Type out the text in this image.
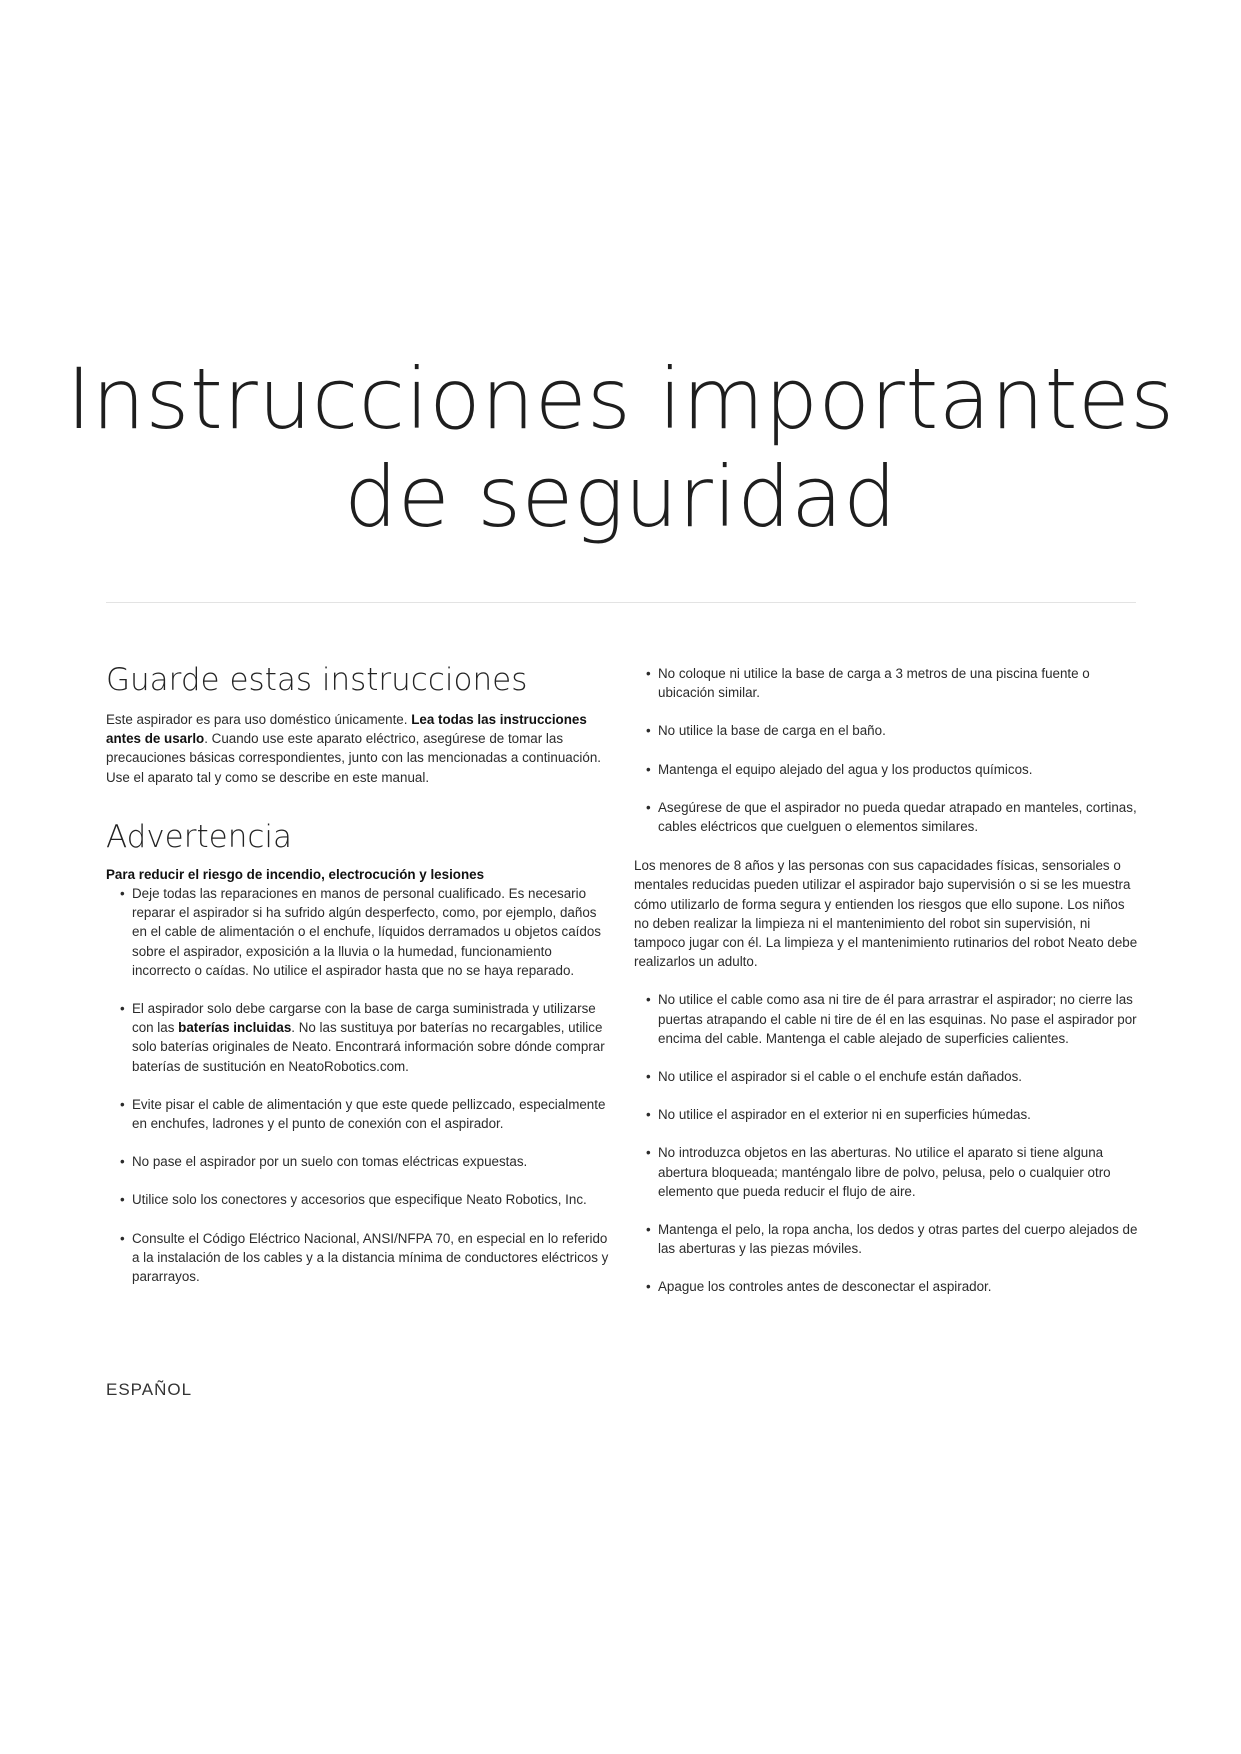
Instrucciones importantes
de seguridad
Guarde estas instrucciones

Este aspirador es para uso doméstico únicamente. Lea todas las instrucciones antes de usarlo. Cuando use este aparato eléctrico, asegúrese de tomar las precauciones básicas correspondientes, junto con las mencionadas a continuación. Use el aparato tal y como se describe en este manual.

Advertencia

Para reducir el riesgo de incendio, electrocución y lesiones

• Deje todas las reparaciones en manos de personal cualificado. Es necesario reparar el aspirador si ha sufrido algún desperfecto, como, por ejemplo, daños en el cable de alimentación o el enchufe, líquidos derramados u objetos caídos sobre el aspirador, exposición a la lluvia o la humedad, funcionamiento incorrecto o caídas. No utilice el aspirador hasta que no se haya reparado.
• El aspirador solo debe cargarse con la base de carga suministrada y utilizarse con las baterías incluidas. No las sustituya por baterías no recargables, utilice solo baterías originales de Neato. Encontrará información sobre dónde comprar baterías de sustitución en NeatoRobotics.com.
• Evite pisar el cable de alimentación y que este quede pellizcado, especialmente en enchufes, ladrones y el punto de conexión con el aspirador.
• No pase el aspirador por un suelo con tomas eléctricas expuestas.
• Utilice solo los conectores y accesorios que especifique Neato Robotics, Inc.
• Consulte el Código Eléctrico Nacional, ANSI/NFPA 70, en especial en lo referido a la instalación de los cables y a la distancia mínima de conductores eléctricos y pararrayos.
• No coloque ni utilice la base de carga a 3 metros de una piscina fuente o ubicación similar.
• No utilice la base de carga en el baño.
• Mantenga el equipo alejado del agua y los productos químicos.
• Asegúrese de que el aspirador no pueda quedar atrapado en manteles, cortinas, cables eléctricos que cuelguen o elementos similares.

Los menores de 8 años y las personas con sus capacidades físicas, sensoriales o mentales reducidas pueden utilizar el aspirador bajo supervisión o si se les muestra cómo utilizarlo de forma segura y entienden los riesgos que ello supone. Los niños no deben realizar la limpieza ni el mantenimiento del robot sin supervisión, ni tampoco jugar con él. La limpieza y el mantenimiento rutinarios del robot Neato debe realizarlos un adulto.

• No utilice el cable como asa ni tire de él para arrastrar el aspirador; no cierre las puertas atrapando el cable ni tire de él en las esquinas. No pase el aspirador por encima del cable. Mantenga el cable alejado de superficies calientes.
• No utilice el aspirador si el cable o el enchufe están dañados.
• No utilice el aspirador en el exterior ni en superficies húmedas.
• No introduzca objetos en las aberturas. No utilice el aparato si tiene alguna abertura bloqueada; manténgalo libre de polvo, pelusa, pelo o cualquier otro elemento que pueda reducir el flujo de aire.
• Mantenga el pelo, la ropa ancha, los dedos y otras partes del cuerpo alejados de las aberturas y las piezas móviles.
• Apague los controles antes de desconectar el aspirador.
ESPAÑOL
